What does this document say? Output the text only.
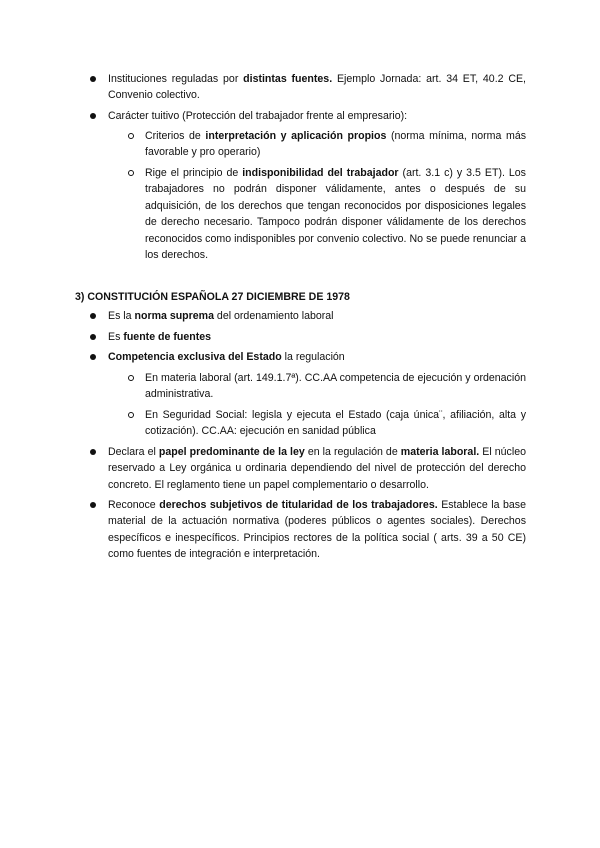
Instituciones reguladas por distintas fuentes. Ejemplo Jornada: art. 34 ET, 40.2 CE, Convenio colectivo.
Carácter tuitivo (Protección del trabajador frente al empresario):
Criterios de interpretación y aplicación propios (norma mínima, norma más favorable y pro operario)
Rige el principio de indisponibilidad del trabajador (art. 3.1 c) y 3.5 ET). Los trabajadores no podrán disponer válidamente, antes o después de su adquisición, de los derechos que tengan reconocidos por disposiciones legales de derecho necesario. Tampoco podrán disponer válidamente de los derechos reconocidos como indisponibles por convenio colectivo. No se puede renunciar a los derechos.
3) CONSTITUCIÓN ESPAÑOLA 27 DICIEMBRE DE 1978
Es la norma suprema del ordenamiento laboral
Es fuente de fuentes
Competencia exclusiva del Estado la regulación
En materia laboral (art. 149.1.7ª). CC.AA competencia de ejecución y ordenación administrativa.
En Seguridad Social: legisla y ejecuta el Estado (caja única¨, afiliación, alta y cotización). CC.AA: ejecución en sanidad pública
Declara el papel predominante de la ley en la regulación de materia laboral. El núcleo reservado a Ley orgánica u ordinaria dependiendo del nivel de protección del derecho concreto. El reglamento tiene un papel complementario o desarrollo.
Reconoce derechos subjetivos de titularidad de los trabajadores. Establece la base material de la actuación normativa (poderes públicos o agentes sociales). Derechos específicos e inespecíficos. Principios rectores de la política social ( arts. 39 a 50 CE) como fuentes de integración e interpretación.
